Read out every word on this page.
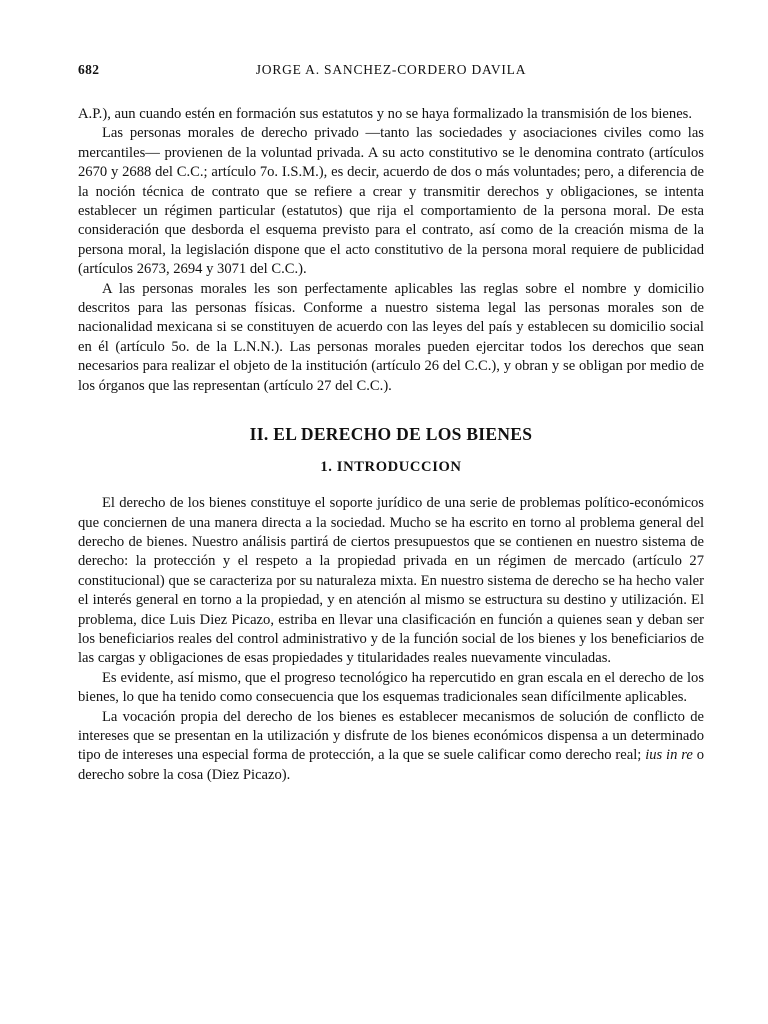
682	JORGE A. SANCHEZ-CORDERO DAVILA

A.P.), aun cuando estén en formación sus estatutos y no se haya formalizado la transmisión de los bienes.

Las personas morales de derecho privado —tanto las sociedades y asociaciones civiles como las mercantiles— provienen de la voluntad privada. A su acto constitutivo se le denomina contrato (artículos 2670 y 2688 del C.C.; artículo 7o. I.S.M.), es decir, acuerdo de dos o más voluntades; pero, a diferencia de la noción técnica de contrato que se refiere a crear y transmitir derechos y obligaciones, se intenta establecer un régimen particular (estatutos) que rija el comportamiento de la persona moral. De esta consideración que desborda el esquema previsto para el contrato, así como de la creación misma de la persona moral, la legislación dispone que el acto constitutivo de la persona moral requiere de publicidad (artículos 2673, 2694 y 3071 del C.C.).

A las personas morales les son perfectamente aplicables las reglas sobre el nombre y domicilio descritos para las personas físicas. Conforme a nuestro sistema legal las personas morales son de nacionalidad mexicana si se constituyen de acuerdo con las leyes del país y establecen su domicilio social en él (artículo 5o. de la L.N.N.). Las personas morales pueden ejercitar todos los derechos que sean necesarios para realizar el objeto de la institución (artículo 26 del C.C.), y obran y se obligan por medio de los órganos que las representan (artículo 27 del C.C.).

II. EL DERECHO DE LOS BIENES
1. INTRODUCCION

El derecho de los bienes constituye el soporte jurídico de una serie de problemas político-económicos que conciernen de una manera directa a la sociedad. Mucho se ha escrito en torno al problema general del derecho de bienes. Nuestro análisis partirá de ciertos presupuestos que se contienen en nuestro sistema de derecho: la protección y el respeto a la propiedad privada en un régimen de mercado (artículo 27 constitucional) que se caracteriza por su naturaleza mixta. En nuestro sistema de derecho se ha hecho valer el interés general en torno a la propiedad, y en atención al mismo se estructura su destino y utilización. El problema, dice Luis Diez Picazo, estriba en llevar una clasificación en función a quienes sean y deban ser los beneficiarios reales del control administrativo y de la función social de los bienes y los beneficiarios de las cargas y obligaciones de esas propiedades y titularidades reales nuevamente vinculadas.

Es evidente, así mismo, que el progreso tecnológico ha repercutido en gran escala en el derecho de los bienes, lo que ha tenido como consecuencia que los esquemas tradicionales sean difícilmente aplicables.

La vocación propia del derecho de los bienes es establecer mecanismos de solución de conflicto de intereses que se presentan en la utilización y disfrute de los bienes económicos dispensa a un determinado tipo de intereses una especial forma de protección, a la que se suele calificar como derecho real; ius in re o derecho sobre la cosa (Diez Picazo).
